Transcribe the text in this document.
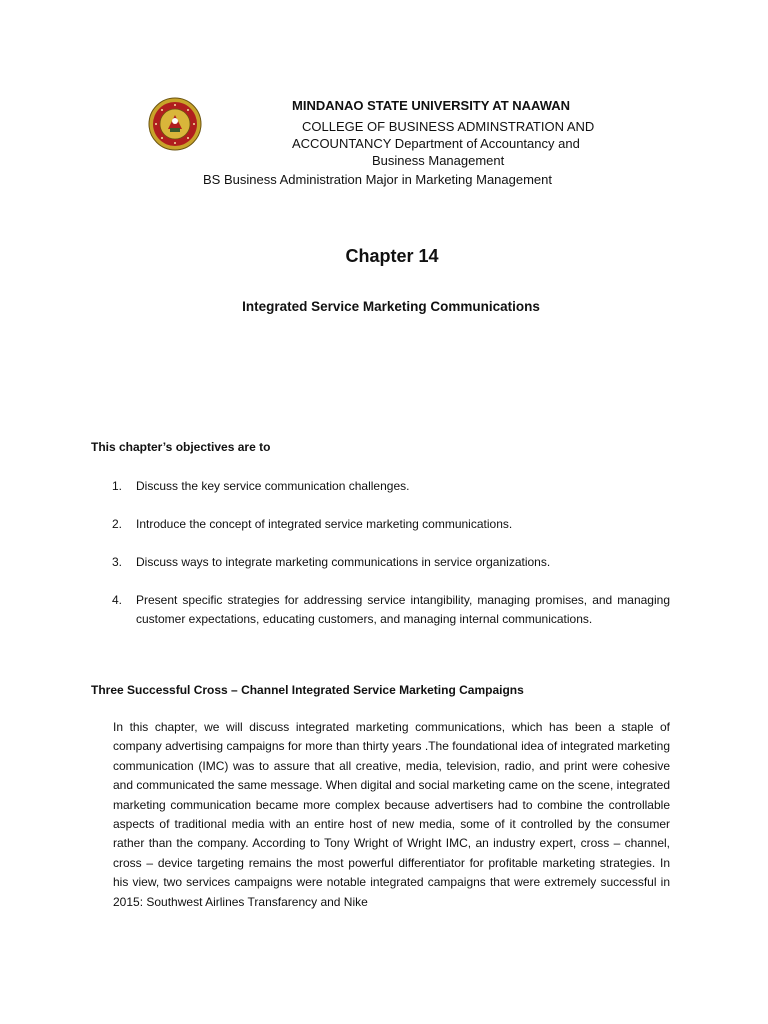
MINDANAO STATE UNIVERSITY AT NAAWAN
COLLEGE OF BUSINESS ADMINSTRATION AND
ACCOUNTANCY Department of Accountancy and
Business Management
BS Business Administration Major in Marketing Management
Chapter 14
Integrated Service Marketing Communications
This chapter’s objectives are to
1. Discuss the key service communication challenges.
2. Introduce the concept of integrated service marketing communications.
3. Discuss ways to integrate marketing communications in service organizations.
4. Present specific strategies for addressing service intangibility, managing promises, and managing customer expectations, educating customers, and managing internal communications.
Three Successful Cross – Channel Integrated Service Marketing Campaigns

In this chapter, we will discuss integrated marketing communications, which has been a staple of company advertising campaigns for more than thirty years .The foundational idea of integrated marketing communication (IMC) was to assure that all creative, media, television, radio, and print were cohesive and communicated the same message. When digital and social marketing came on the scene, integrated marketing communication became more complex because advertisers had to combine the controllable aspects of traditional media with an entire host of new media, some of it controlled by the consumer rather than the company. According to Tony Wright of Wright IMC, an industry expert, cross – channel, cross – device targeting remains the most powerful differentiator for profitable marketing strategies. In his view, two services campaigns were notable integrated campaigns that were extremely successful in 2015: Southwest Airlines Transfarency and Nike
